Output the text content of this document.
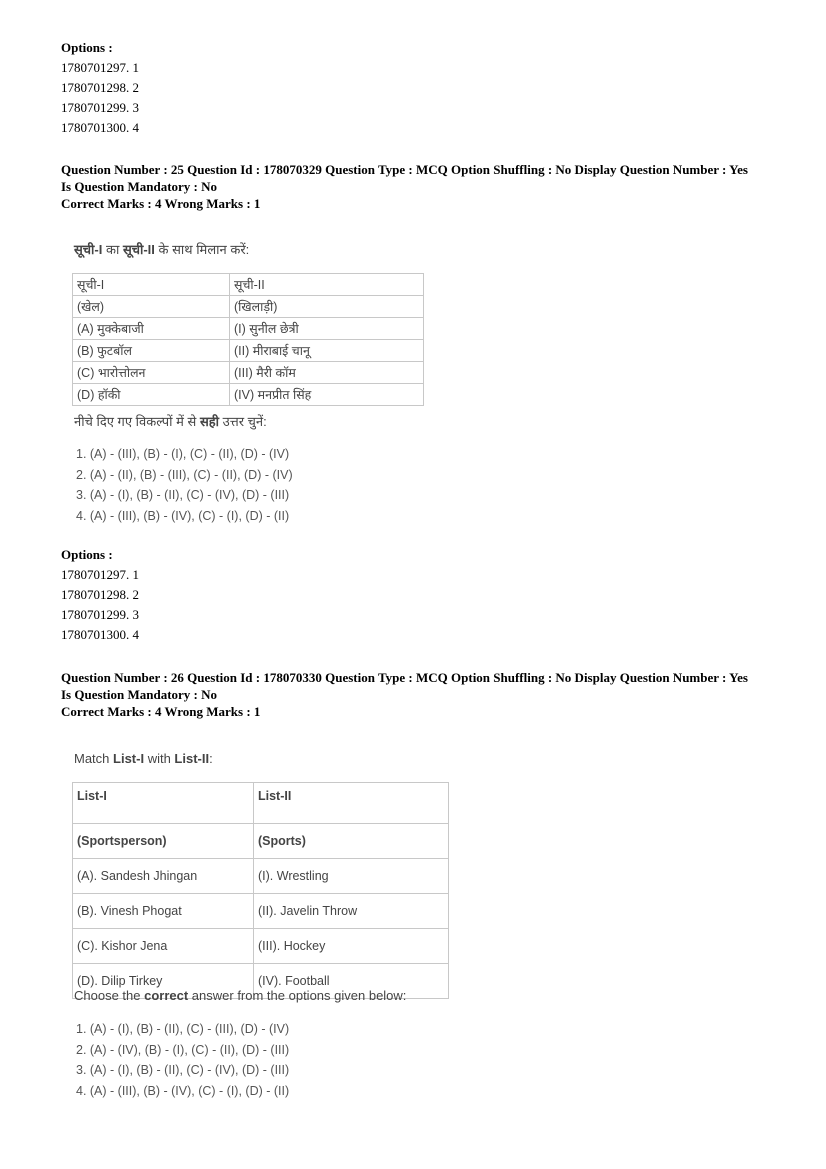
Options :

1780701297. 1

1780701298. 2

1780701299. 3

1780701300. 4

Question Number : 25 Question Id : 178070329 Question Type : MCQ Option Shuffling : No Display Question Number : Yes

Is Question Mandatory : No

Correct Marks : 4 Wrong Marks : 1

सूची-I का सूची-II के साथ मिलान करें:

सूची-I	सूची-II
(खेल)	(खिलाड़ी)
(A) मुक्केबाजी	(I) सुनील छेत्री
(B) फुटबॉल	(II) मीराबाई चानू
(C) भारोत्तोलन	(III) मैरी कॉम
(D) हॉकी	(IV) मनप्रीत सिंह

नीचे दिए गए विकल्पों में से सही उत्तर चुनें:

1. (A) - (III), (B) - (I), (C) - (II), (D) - (IV)

2. (A) - (II), (B) - (III), (C) - (II), (D) - (IV)

3. (A) - (I), (B) - (II), (C) - (IV), (D) - (III)

4. (A) - (III), (B) - (IV), (C) - (I), (D) - (II)

Options :

1780701297. 1

1780701298. 2

1780701299. 3

1780701300. 4

Question Number : 26 Question Id : 178070330 Question Type : MCQ Option Shuffling : No Display Question Number : Yes

Is Question Mandatory : No

Correct Marks : 4 Wrong Marks : 1

Match List-I with List-II:

List-I	List-II
(Sportsperson)	(Sports)
(A). Sandesh Jhingan	(I). Wrestling
(B). Vinesh Phogat	(II). Javelin Throw
(C). Kishor Jena	(III). Hockey
(D). Dilip Tirkey	(IV). Football

Choose the correct answer from the options given below:

1. (A) - (I), (B) - (II), (C) - (III), (D) - (IV)

2. (A) - (IV), (B) - (I), (C) - (II), (D) - (III)

3. (A) - (I), (B) - (II), (C) - (IV), (D) - (III)

4. (A) - (III), (B) - (IV), (C) - (I), (D) - (II)
